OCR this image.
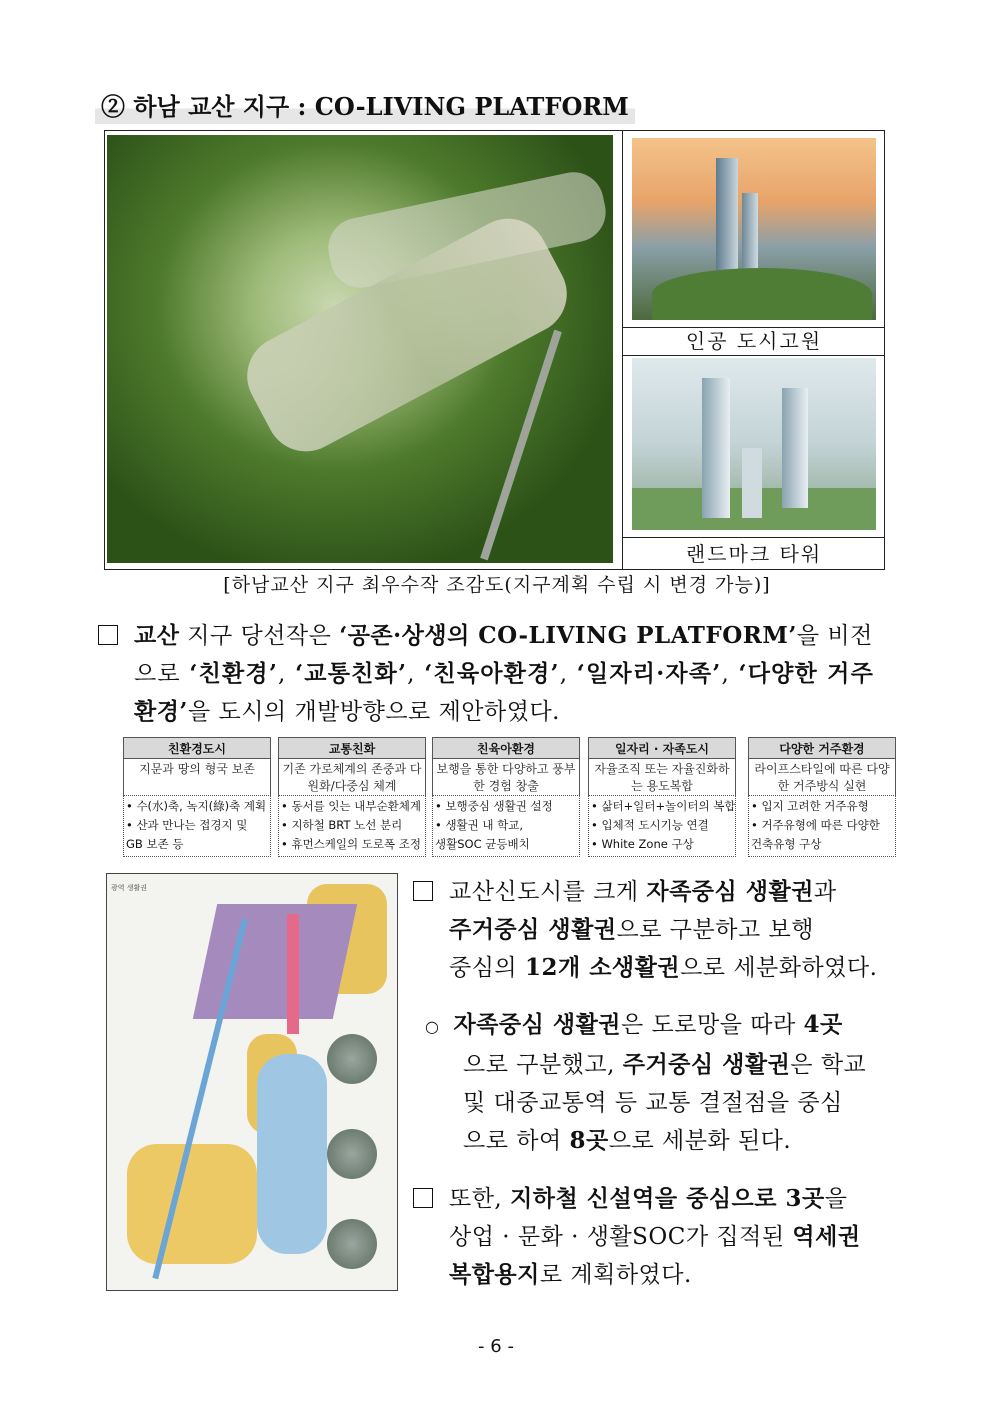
② 하남 교산 지구 : CO-LIVING PLATFORM
인공 도시고원
랜드마크 타워
[하남교산 지구 최우수작 조감도(지구계획 수립 시 변경 가능)]
교산 지구 당선작은 ‘공존·상생의 CO-LIVING PLATFORM’을 비전
으로 ‘친환경’, ‘교통친화’, ‘친육아환경’, ‘일자리·자족’, ‘다양한 거주
환경’을 도시의 개발방향으로 제안하였다.
친환경도시
지문과 땅의 형국 보존
• 수(水)축, 녹지(綠)축 계획
• 산과 만나는 접경지 및
GB 보존 등
교통친화
기존 가로체계의 존중과 다원화/다중심 체계
• 동서를 잇는 내부순환체계
• 지하철 BRT 노선 분리
• 휴먼스케일의 도로폭 조정
친육아환경
보행을 통한 다양하고 풍부한 경험 창출
• 보행중심 생활권 설정
• 생활권 내 학교,
생활SOC 균등배치
일자리 · 자족도시
자율조직 또는 자율진화하는 용도복합
• 삶터+일터+놀이터의 복합
• 입체적 도시기능 연결
• White Zone 구상
다양한 거주환경
라이프스타일에 따른 다양한 거주방식 실현
• 입지 고려한 거주유형
• 거주유형에 따른 다양한
건축유형 구상
광역 생활권	교산신도시를 크게 자족중심 생활권과
주거중심 생활권으로 구분하고 보행
중심의 12개 소생활권으로 세분화하였다.
○ 자족중심 생활권은 도로망을 따라 4곳
으로 구분했고, 주거중심 생활권은 학교
및 대중교통역 등 교통 결절점을 중심
으로 하여 8곳으로 세분화 된다.
또한, 지하철 신설역을 중심으로 3곳을
상업 · 문화 · 생활SOC가 집적된 역세권
복합용지로 계획하였다.
- 6 -
